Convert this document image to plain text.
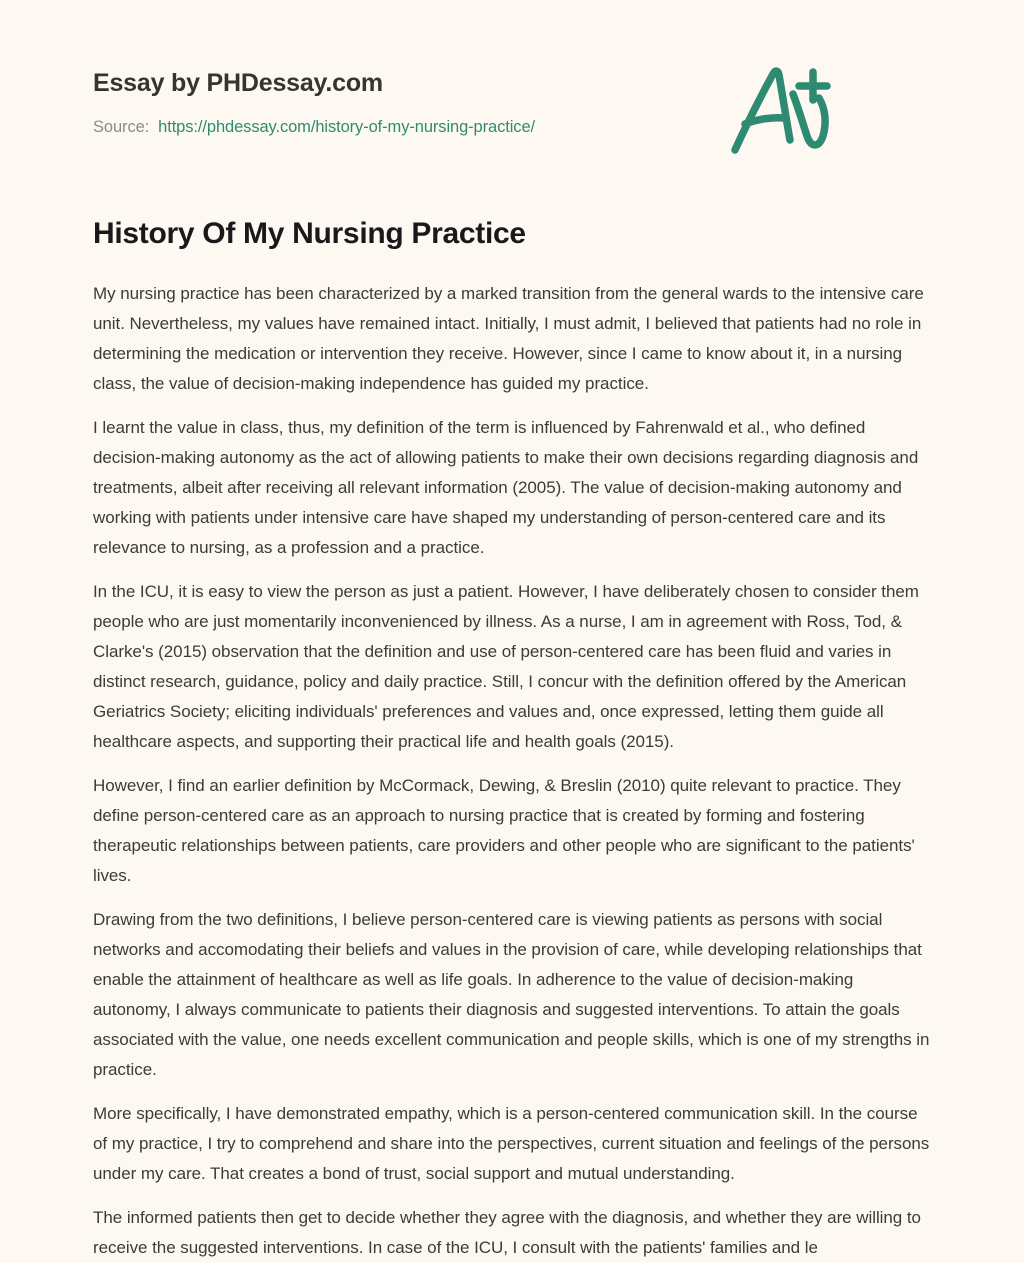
Essay by PHDessay.com
Source: https://phdessay.com/history-of-my-nursing-practice/
History Of My Nursing Practice

My nursing practice has been characterized by a marked transition from the general wards to the intensive care unit. Nevertheless, my values have remained intact. Initially, I must admit, I believed that patients had no role in determining the medication or intervention they receive. However, since I came to know about it, in a nursing class, the value of decision-making independence has guided my practice.

I learnt the value in class, thus, my definition of the term is influenced by Fahrenwald et al., who defined decision-making autonomy as the act of allowing patients to make their own decisions regarding diagnosis and treatments, albeit after receiving all relevant information (2005). The value of decision-making autonomy and working with patients under intensive care have shaped my understanding of person-centered care and its relevance to nursing, as a profession and a practice.

In the ICU, it is easy to view the person as just a patient. However, I have deliberately chosen to consider them people who are just momentarily inconvenienced by illness. As a nurse, I am in agreement with Ross, Tod, & Clarke's (2015) observation that the definition and use of person-centered care has been fluid and varies in distinct research, guidance, policy and daily practice. Still, I concur with the definition offered by the American Geriatrics Society; eliciting individuals' preferences and values and, once expressed, letting them guide all healthcare aspects, and supporting their practical life and health goals (2015).

However, I find an earlier definition by McCormack, Dewing, & Breslin (2010) quite relevant to practice. They define person-centered care as an approach to nursing practice that is created by forming and fostering therapeutic relationships between patients, care providers and other people who are significant to the patients' lives.

Drawing from the two definitions, I believe person-centered care is viewing patients as persons with social networks and accomodating their beliefs and values in the provision of care, while developing relationships that enable the attainment of healthcare as well as life goals. In adherence to the value of decision-making autonomy, I always communicate to patients their diagnosis and suggested interventions. To attain the goals associated with the value, one needs excellent communication and people skills, which is one of my strengths in practice.

More specifically, I have demonstrated empathy, which is a person-centered communication skill. In the course of my practice, I try to comprehend and share into the perspectives, current situation and feelings of the persons under my care. That creates a bond of trust, social support and mutual understanding.

The informed patients then get to decide whether they agree with the diagnosis, and whether they are willing to receive the suggested interventions. In case of the ICU, I consult with the patients' families and le
